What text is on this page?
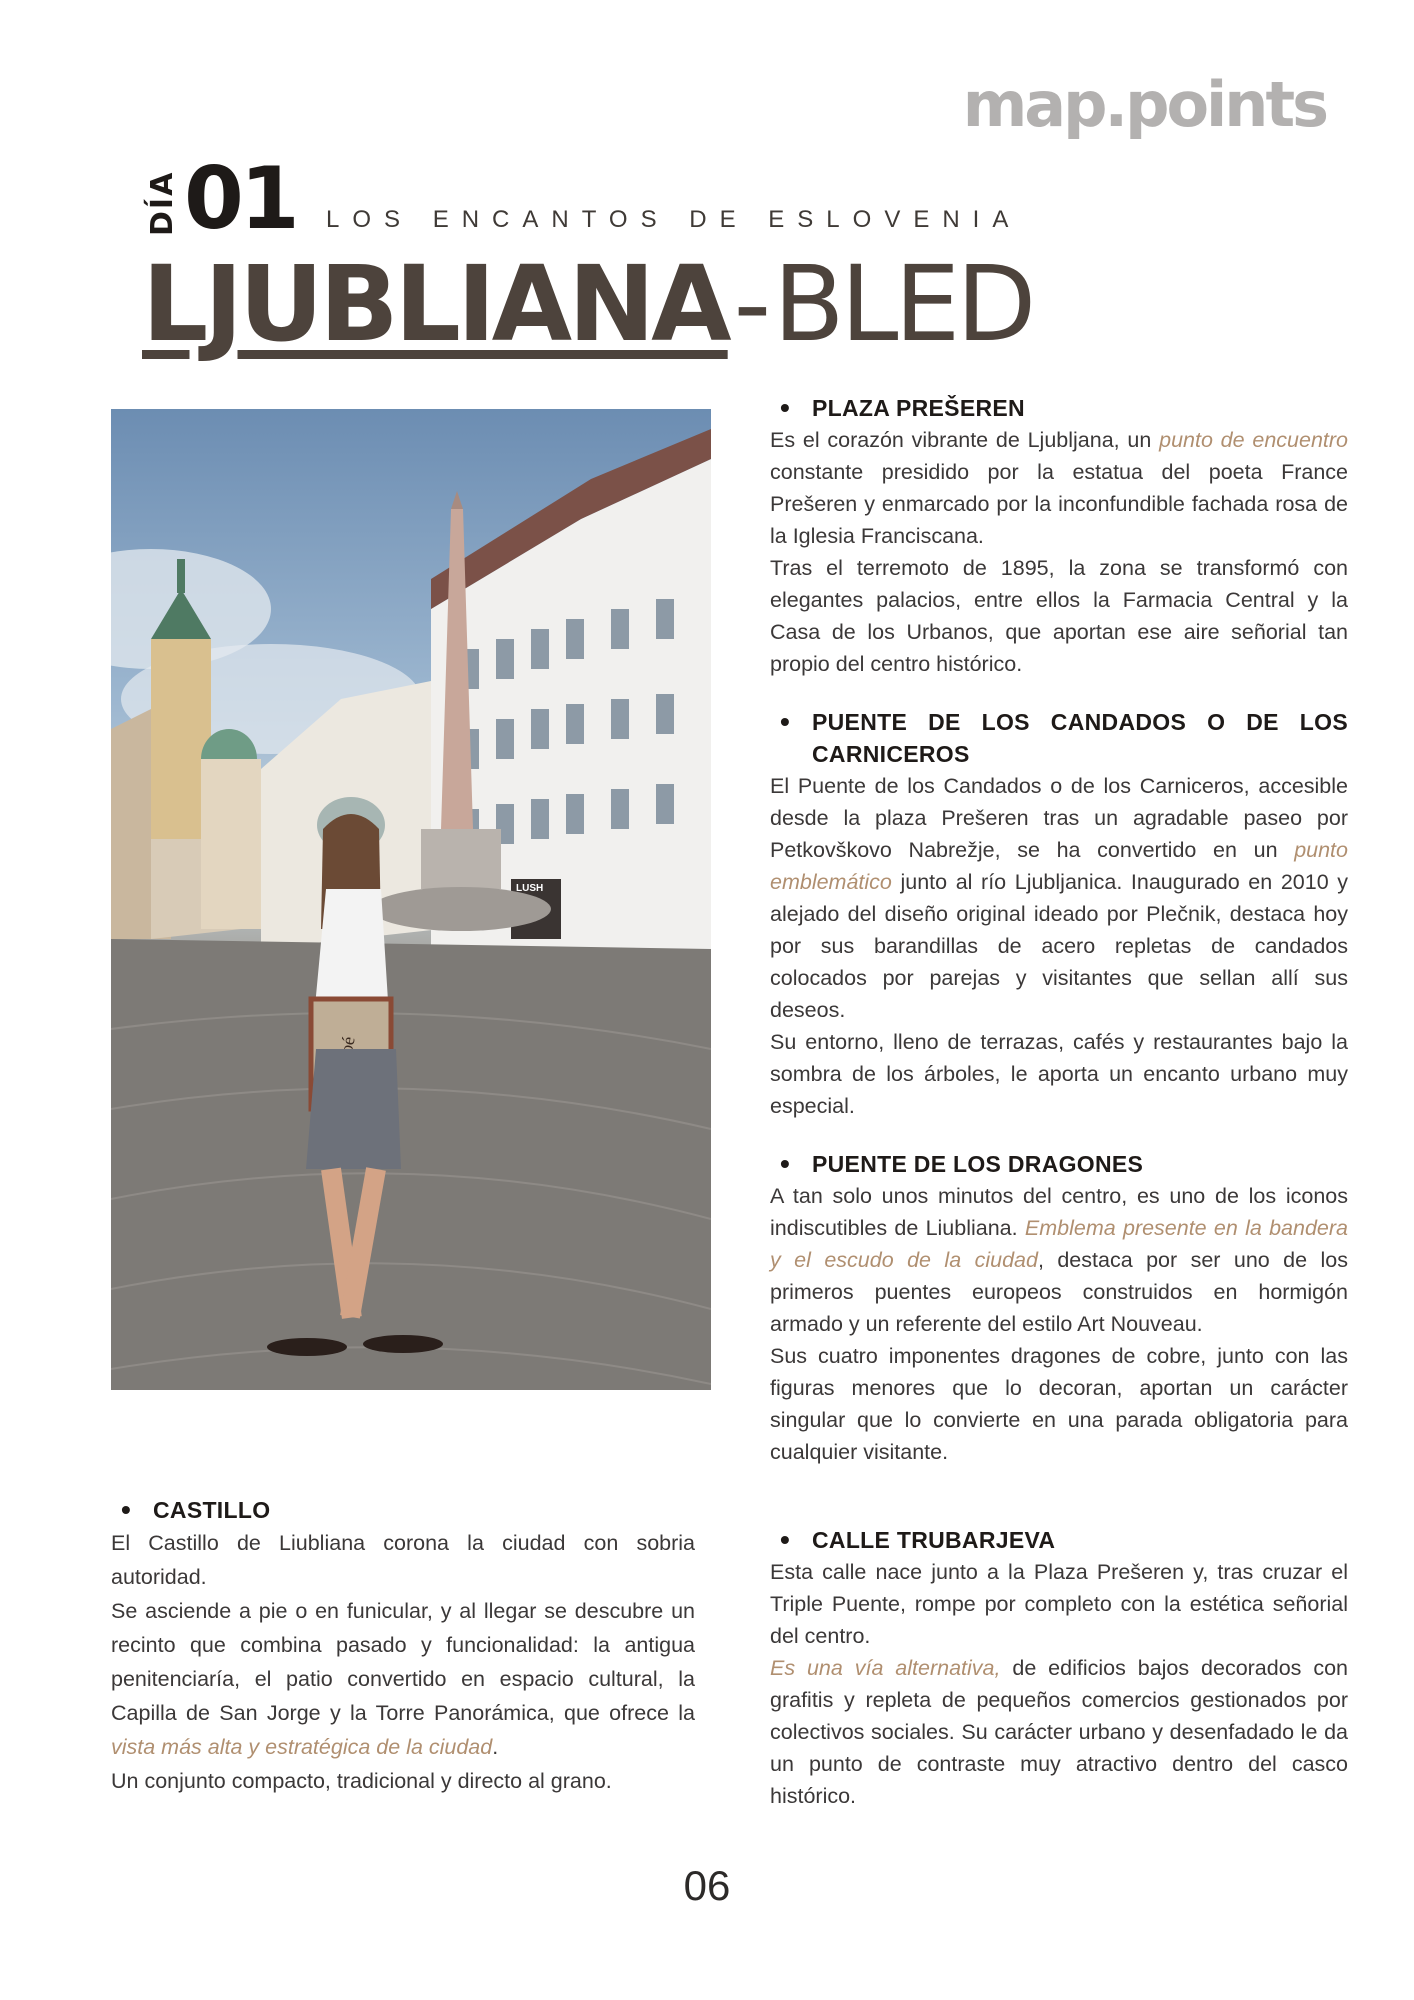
map.points
DÍA 01 LOS ENCANTOS DE ESLOVENIA
LJUBLIANA-BLED
LUSH
• PLAZA PREŠEREN

Es el corazón vibrante de Ljubljana, un punto de encuentro constante presidido por la estatua del poeta France Prešeren y enmarcado por la inconfundible fachada rosa de la Iglesia Franciscana.

Tras el terremoto de 1895, la zona se transformó con elegantes palacios, entre ellos la Farmacia Central y la Casa de los Urbanos, que aportan ese aire señorial tan propio del centro histórico.

• PUENTE DE LOS CANDADOS O DE LOS CARNICEROS

El Puente de los Candados o de los Carniceros, accesible desde la plaza Prešeren tras un agradable paseo por Petkovškovo Nabrežje, se ha convertido en un punto emblemático junto al río Ljubljanica. Inaugurado en 2010 y alejado del diseño original ideado por Plečnik, destaca hoy por sus barandillas de acero repletas de candados colocados por parejas y visitantes que sellan allí sus deseos.

Su entorno, lleno de terrazas, cafés y restaurantes bajo la sombra de los árboles, le aporta un encanto urbano muy especial.

• PUENTE DE LOS DRAGONES

A tan solo unos minutos del centro, es uno de los iconos indiscutibles de Liubliana. Emblema presente en la bandera y el escudo de la ciudad, destaca por ser uno de los primeros puentes europeos construidos en hormigón armado y un referente del estilo Art Nouveau.

Sus cuatro imponentes dragones de cobre, junto con las figuras menores que lo decoran, aportan un carácter singular que lo convierte en una parada obligatoria para cualquier visitante.

• CALLE TRUBARJEVA

Esta calle nace junto a la Plaza Prešeren y, tras cruzar el Triple Puente, rompe por completo con la estética señorial del centro.

Es una vía alternativa, de edificios bajos decorados con grafitis y repleta de pequeños comercios gestionados por colectivos sociales. Su carácter urbano y desenfadado le da un punto de contraste muy atractivo dentro del casco histórico.

• CASTILLO

El Castillo de Liubliana corona la ciudad con sobria autoridad.

Se asciende a pie o en funicular, y al llegar se descubre un recinto que combina pasado y funcionalidad: la antigua penitenciaría, el patio convertido en espacio cultural, la Capilla de San Jorge y la Torre Panorámica, que ofrece la vista más alta y estratégica de la ciudad.

Un conjunto compacto, tradicional y directo al grano.

06
